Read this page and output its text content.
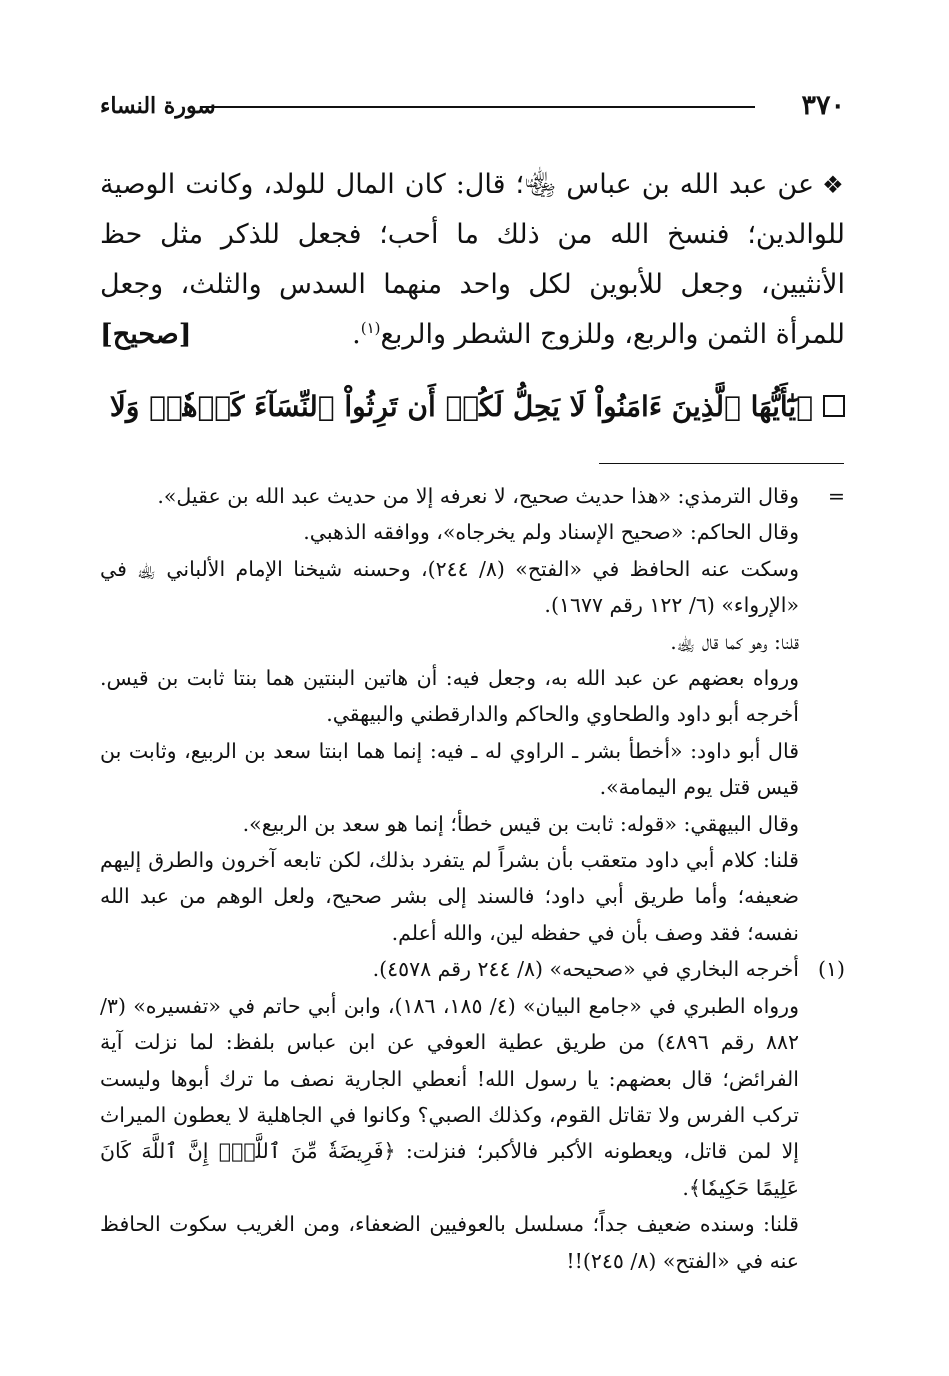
٣٧٠
سورة النساء
❖عن عبد الله بن عباس ﵄؛ قال: كان المال للولد، وكانت الوصية للوالدين؛ فنسخ الله من ذلك ما أحب؛ فجعل للذكر مثل حظ الأنثيين، وجعل للأبوين لكل واحد منهما السدس والثلث، وجعل للمرأة الثمن والربع، وللزوج الشطر والربع$^{(١)}$.
[صحيح]
﴿يَٰٓأَيُّهَا ٱلَّذِينَ ءَامَنُواْ لَا يَحِلُّ لَكُمۡ أَن تَرِثُواْ ٱلنِّسَآءَ كَرۡهٗاۖ وَلَا
=
وقال الترمذي: «هذا حديث صحيح، لا نعرفه إلا من حديث عبد الله بن عقيل».
وقال الحاكم: «صحيح الإسناد ولم يخرجاه»، ووافقه الذهبي.
وسكت عنه الحافظ في «الفتح» (٨/ ٢٤٤)، وحسنه شيخنا الإمام الألباني ﵀ في «الإرواء» (٦/ ١٢٢ رقم ١٦٧٧).
قلنا: وهو كما قال ﵀.
ورواه بعضهم عن عبد الله به، وجعل فيه: أن هاتين البنتين هما بنتا ثابت بن قيس. أخرجه أبو داود والطحاوي والحاكم والدارقطني والبيهقي.
قال أبو داود: «أخطأ بشر ـ الراوي له ـ فيه: إنما هما ابنتا سعد بن الربيع، وثابت بن قيس قتل يوم اليمامة».
وقال البيهقي: «قوله: ثابت بن قيس خطأ؛ إنما هو سعد بن الربيع».
قلنا: كلام أبي داود متعقب بأن بشراً لم يتفرد بذلك، لكن تابعه آخرون والطرق إليهم ضعيفه؛ وأما طريق أبي داود؛ فالسند إلى بشر صحيح، ولعل الوهم من عبد الله نفسه؛ فقد وصف بأن في حفظه لين، والله أعلم.
(١)
أخرجه البخاري في «صحيحه» (٨/ ٢٤٤ رقم ٤٥٧٨).
ورواه الطبري في «جامع البيان» (٤/ ١٨٥، ١٨٦)، وابن أبي حاتم في «تفسيره» (٣/ ٨٨٢ رقم ٤٨٩٦) من طريق عطية العوفي عن ابن عباس بلفظ: لما نزلت آية الفرائض؛ قال بعضهم: يا رسول الله! أنعطي الجارية نصف ما ترك أبوها وليست تركب الفرس ولا تقاتل القوم، وكذلك الصبي؟ وكانوا في الجاهلية لا يعطون الميراث إلا لمن قاتل، ويعطونه الأكبر فالأكبر؛ فنزلت: ﴿فَرِيضَةٗ مِّنَ ٱللَّهِۗ إِنَّ ٱللَّهَ كَانَ عَلِيمًا حَكِيمٗا﴾.
قلنا: وسنده ضعيف جداً؛ مسلسل بالعوفيين الضعفاء، ومن الغريب سكوت الحافظ عنه في «الفتح» (٨/ ٢٤٥)!!
